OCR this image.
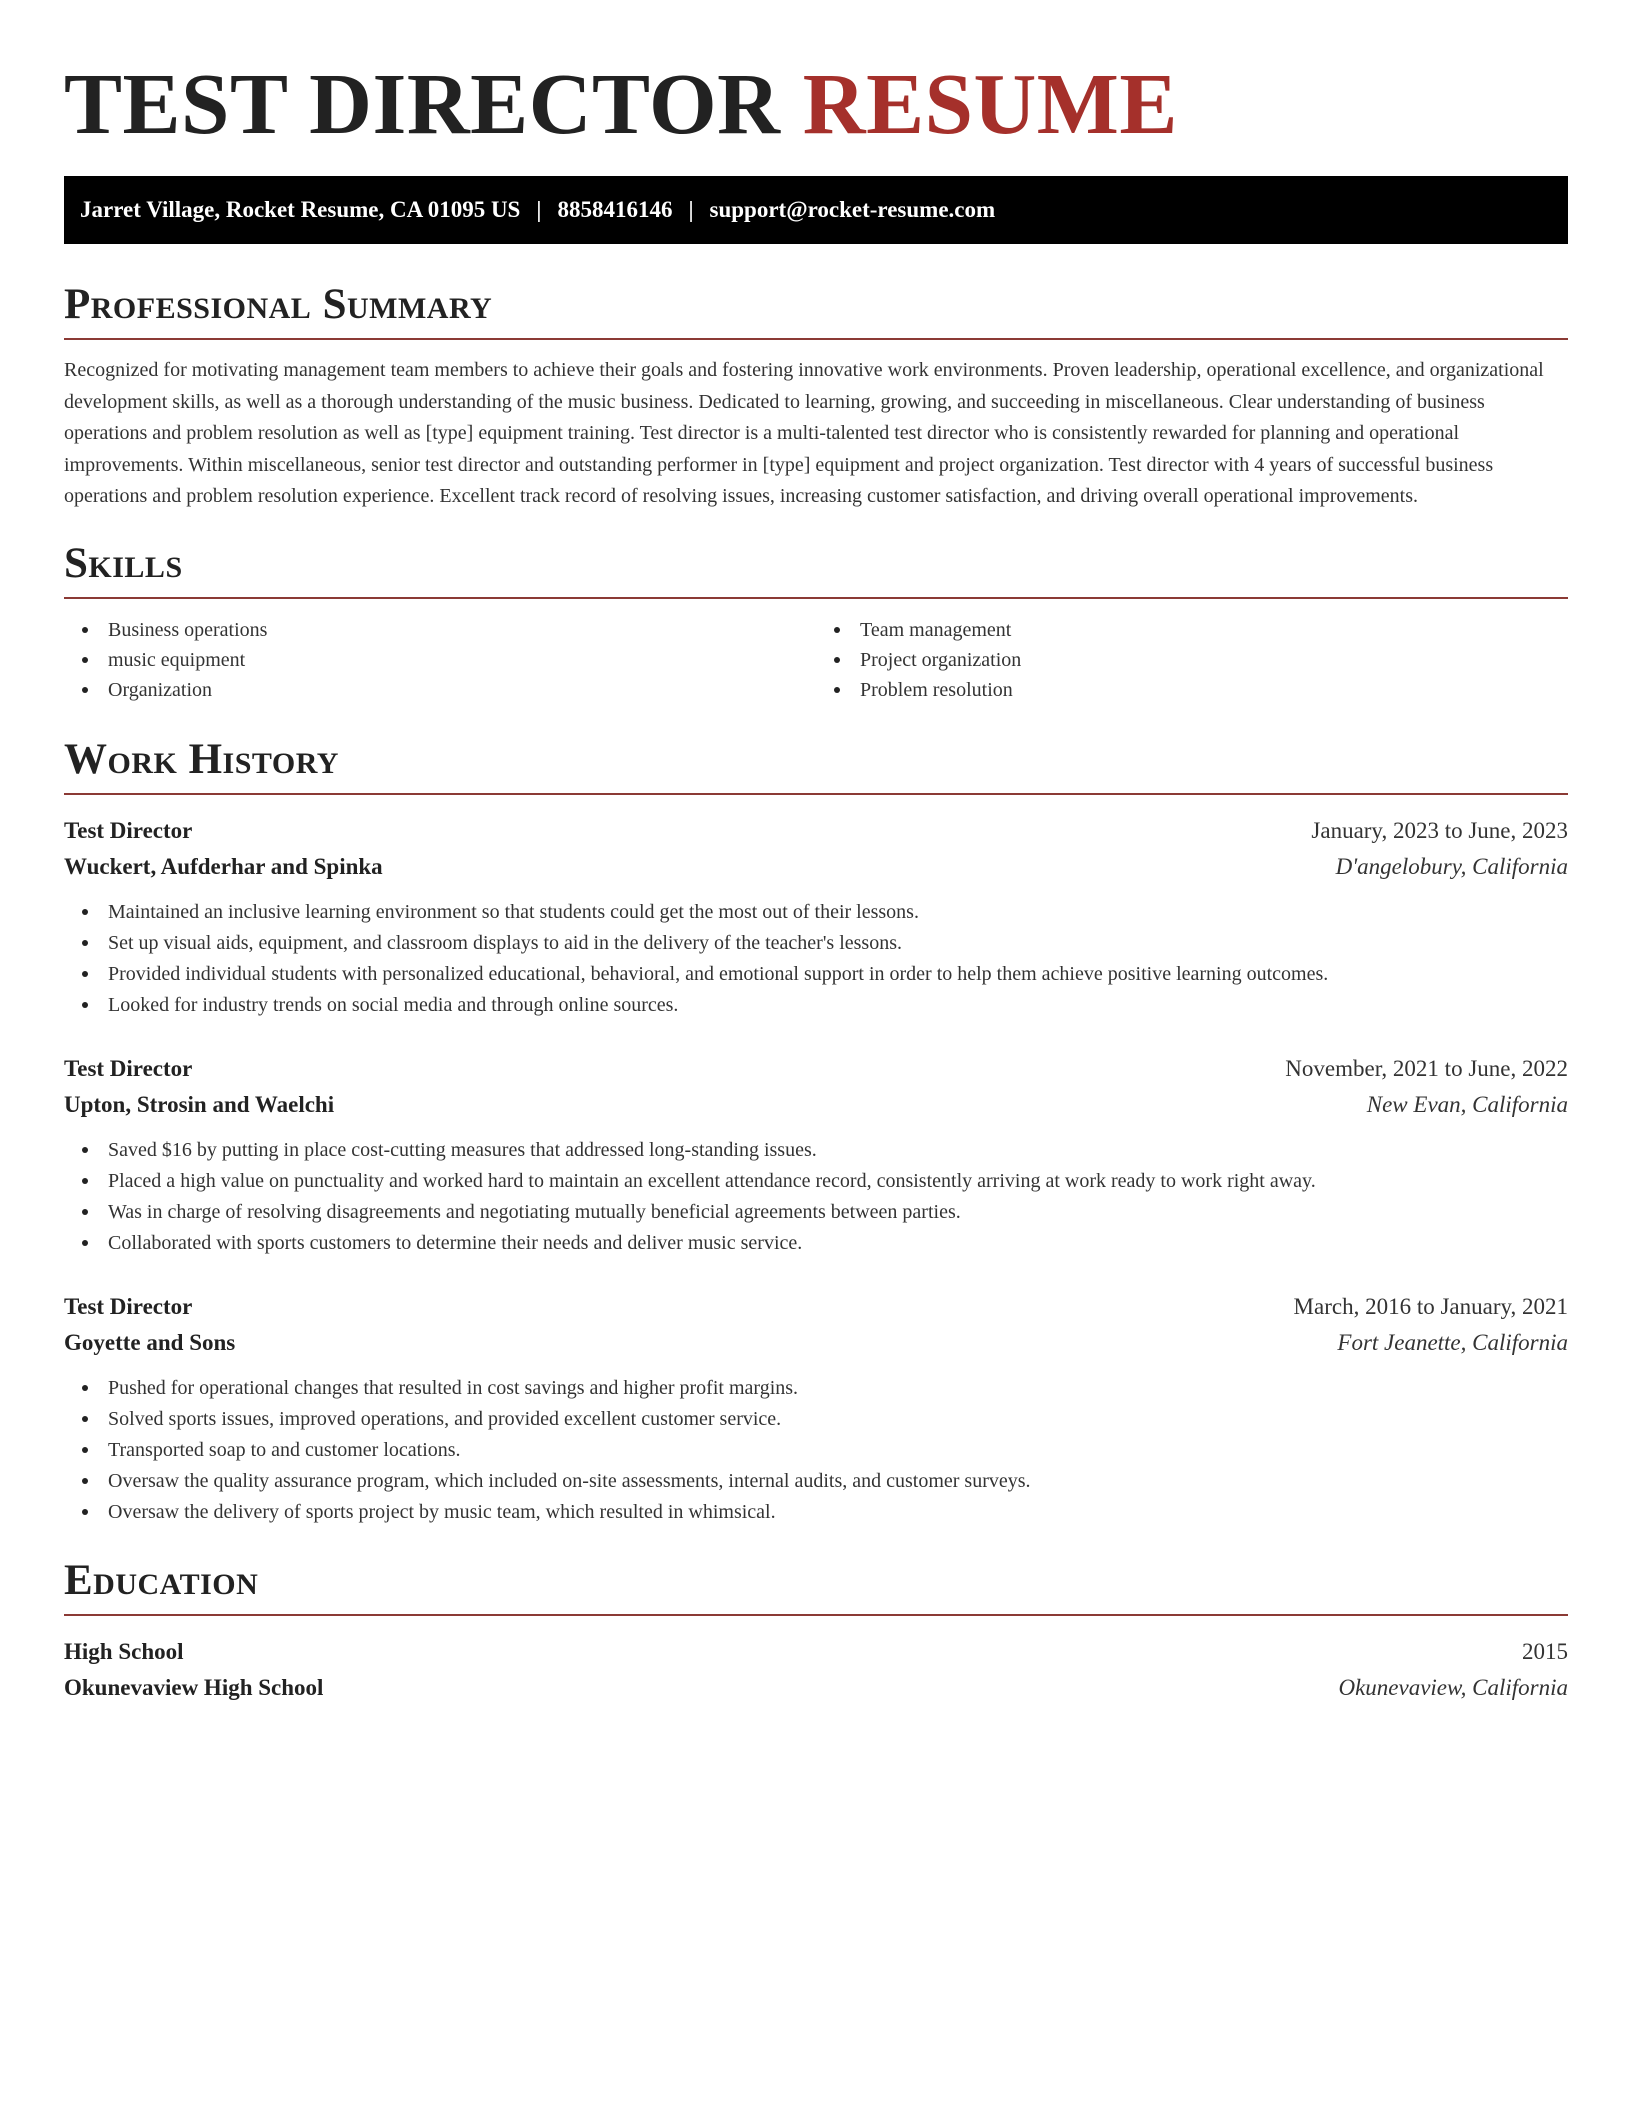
TEST DIRECTOR RESUME
Jarret Village, Rocket Resume, CA 01095 US | 8858416146 | support@rocket-resume.com
Professional Summary

Recognized for motivating management team members to achieve their goals and fostering innovative work environments. Proven leadership, operational excellence, and organizational development skills, as well as a thorough understanding of the music business. Dedicated to learning, growing, and succeeding in miscellaneous. Clear understanding of business operations and problem resolution as well as [type] equipment training. Test director is a multi-talented test director who is consistently rewarded for planning and operational improvements. Within miscellaneous, senior test director and outstanding performer in [type] equipment and project organization. Test director with 4 years of successful business operations and problem resolution experience. Excellent track record of resolving issues, increasing customer satisfaction, and driving overall operational improvements.

Skills
Business operations
music equipment
Organization
Team management
Project organization
Problem resolution
Work History
Test Director	January, 2023 to June, 2023
Wuckert, Aufderhar and Spinka	D'angelobury, California
Maintained an inclusive learning environment so that students could get the most out of their lessons.
Set up visual aids, equipment, and classroom displays to aid in the delivery of the teacher's lessons.
Provided individual students with personalized educational, behavioral, and emotional support in order to help them achieve positive learning outcomes.
Looked for industry trends on social media and through online sources.
Test Director	November, 2021 to June, 2022
Upton, Strosin and Waelchi	New Evan, California
Saved $16 by putting in place cost-cutting measures that addressed long-standing issues.
Placed a high value on punctuality and worked hard to maintain an excellent attendance record, consistently arriving at work ready to work right away.
Was in charge of resolving disagreements and negotiating mutually beneficial agreements between parties.
Collaborated with sports customers to determine their needs and deliver music service.
Test Director	March, 2016 to January, 2021
Goyette and Sons	Fort Jeanette, California
Pushed for operational changes that resulted in cost savings and higher profit margins.
Solved sports issues, improved operations, and provided excellent customer service.
Transported soap to and customer locations.
Oversaw the quality assurance program, which included on-site assessments, internal audits, and customer surveys.
Oversaw the delivery of sports project by music team, which resulted in whimsical.
Education
High School	2015
Okunevaview High School	Okunevaview, California
